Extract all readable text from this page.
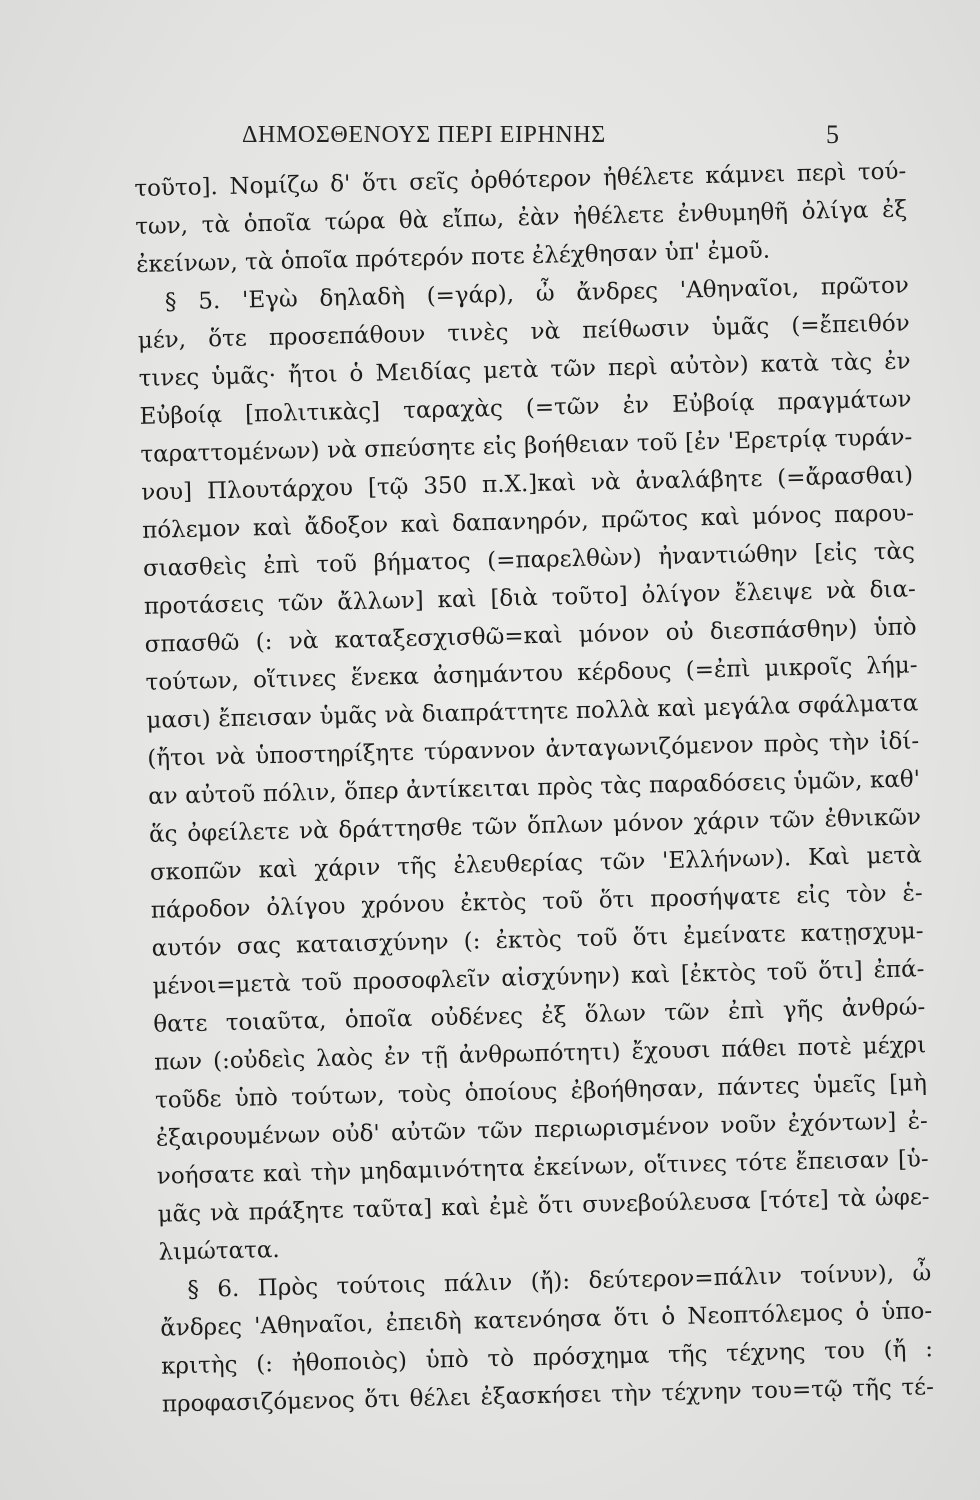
ΔΗΜΟΣΘΕΝΟΥΣ ΠΕΡΙ ΕΙΡΗΝΗΣ	5
τοῦτο]. Νομίζω δ' ὅτι σεῖς ὀρθότερον ἠθέλετε κάμνει περὶ τού-
των, τὰ ὁποῖα τώρα θὰ εἴπω, ἐὰν ἠθέλετε ἐνθυμηθῆ ὀλίγα ἐξ
ἐκείνων, τὰ ὁποῖα πρότερόν ποτε ἐλέχθησαν ὑπ' ἐμοῦ.
§ 5. 'Εγὼ δηλαδὴ (=γάρ), ὦ ἄνδρες 'Αθηναῖοι, πρῶτον
μέν, ὅτε προσεπάθουν τινὲς νὰ πείθωσιν ὑμᾶς (=ἔπειθόν
τινες ὑμᾶς· ἤτοι ὁ Μειδίας μετὰ τῶν περὶ αὐτὸν) κατὰ τὰς ἐν
Εὐβοίᾳ [πολιτικὰς] ταραχὰς (=τῶν ἐν Εὐβοίᾳ πραγμάτων
ταραττομένων) νὰ σπεύσητε εἰς βοήθειαν τοῦ [ἐν 'Ερετρίᾳ τυράν-
νου] Πλουτάρχου [τῷ 350 π.Χ.]καὶ νὰ ἀναλάβητε (=ἄρασθαι)
πόλεμον καὶ ἄδοξον καὶ δαπανηρόν, πρῶτος καὶ μόνος παρου-
σιασθεὶς ἐπὶ τοῦ βήματος (=παρελθὼν) ἠναντιώθην [εἰς τὰς
προτάσεις τῶν ἄλλων] καὶ [διὰ τοῦτο] ὀλίγον ἔλειψε νὰ δια-
σπασθῶ (: νὰ καταξεσχισθῶ=καὶ μόνον οὐ διεσπάσθην) ὑπὸ
τούτων, οἵτινες ἕνεκα ἀσημάντου κέρδους (=ἐπὶ μικροῖς λήμ-
μασι) ἔπεισαν ὑμᾶς νὰ διαπράττητε πολλὰ καὶ μεγάλα σφάλματα
(ἤτοι νὰ ὑποστηρίξητε τύραννον ἀνταγωνιζόμενον πρὸς τὴν ἰδί-
αν αὐτοῦ πόλιν, ὅπερ ἀντίκειται πρὸς τὰς παραδόσεις ὑμῶν, καθ'
ἅς ὀφείλετε νὰ δράττησθε τῶν ὅπλων μόνον χάριν τῶν ἐθνικῶν
σκοπῶν καὶ χάριν τῆς ἐλευθερίας τῶν 'Ελλήνων). Καὶ μετὰ
πάροδον ὀλίγου χρόνου ἐκτὸς τοῦ ὅτι προσήψατε εἰς τὸν ἑ-
αυτόν σας καταισχύνην (: ἐκτὸς τοῦ ὅτι ἐμείνατε κατῃσχυμ-
μένοι=μετὰ τοῦ προσοφλεῖν αἰσχύνην) καὶ [ἐκτὸς τοῦ ὅτι] ἐπά-
θατε τοιαῦτα, ὁποῖα οὐδένες ἐξ ὅλων τῶν ἐπὶ γῆς ἀνθρώ-
πων (:οὐδεὶς λαὸς ἐν τῇ ἀνθρωπότητι) ἔχουσι πάθει ποτὲ μέχρι
τοῦδε ὑπὸ τούτων, τοὺς ὁποίους ἐβοήθησαν, πάντες ὑμεῖς [μὴ
ἐξαιρουμένων οὐδ' αὐτῶν τῶν περιωρισμένον νοῦν ἐχόντων] ἐ-
νοήσατε καὶ τὴν μηδαμινότητα ἐκείνων, οἵτινες τότε ἔπεισαν [ὑ-
μᾶς νὰ πράξητε ταῦτα] καὶ ἐμὲ ὅτι συνεβούλευσα [τότε] τὰ ὠφε-
λιμώτατα.
§ 6. Πρὸς τούτοις πάλιν (ἤ): δεύτερον=πάλιν τοίνυν), ὦ
ἄνδρες 'Αθηναῖοι, ἐπειδὴ κατενόησα ὅτι ὁ Νεοπτόλεμος ὁ ὑπο-
κριτὴς (: ἠθοποιὸς) ὑπὸ τὸ πρόσχημα τῆς τέχνης του (ἤ :
προφασιζόμενος ὅτι θέλει ἐξασκήσει τὴν τέχνην του=τῷ τῆς τέ-
